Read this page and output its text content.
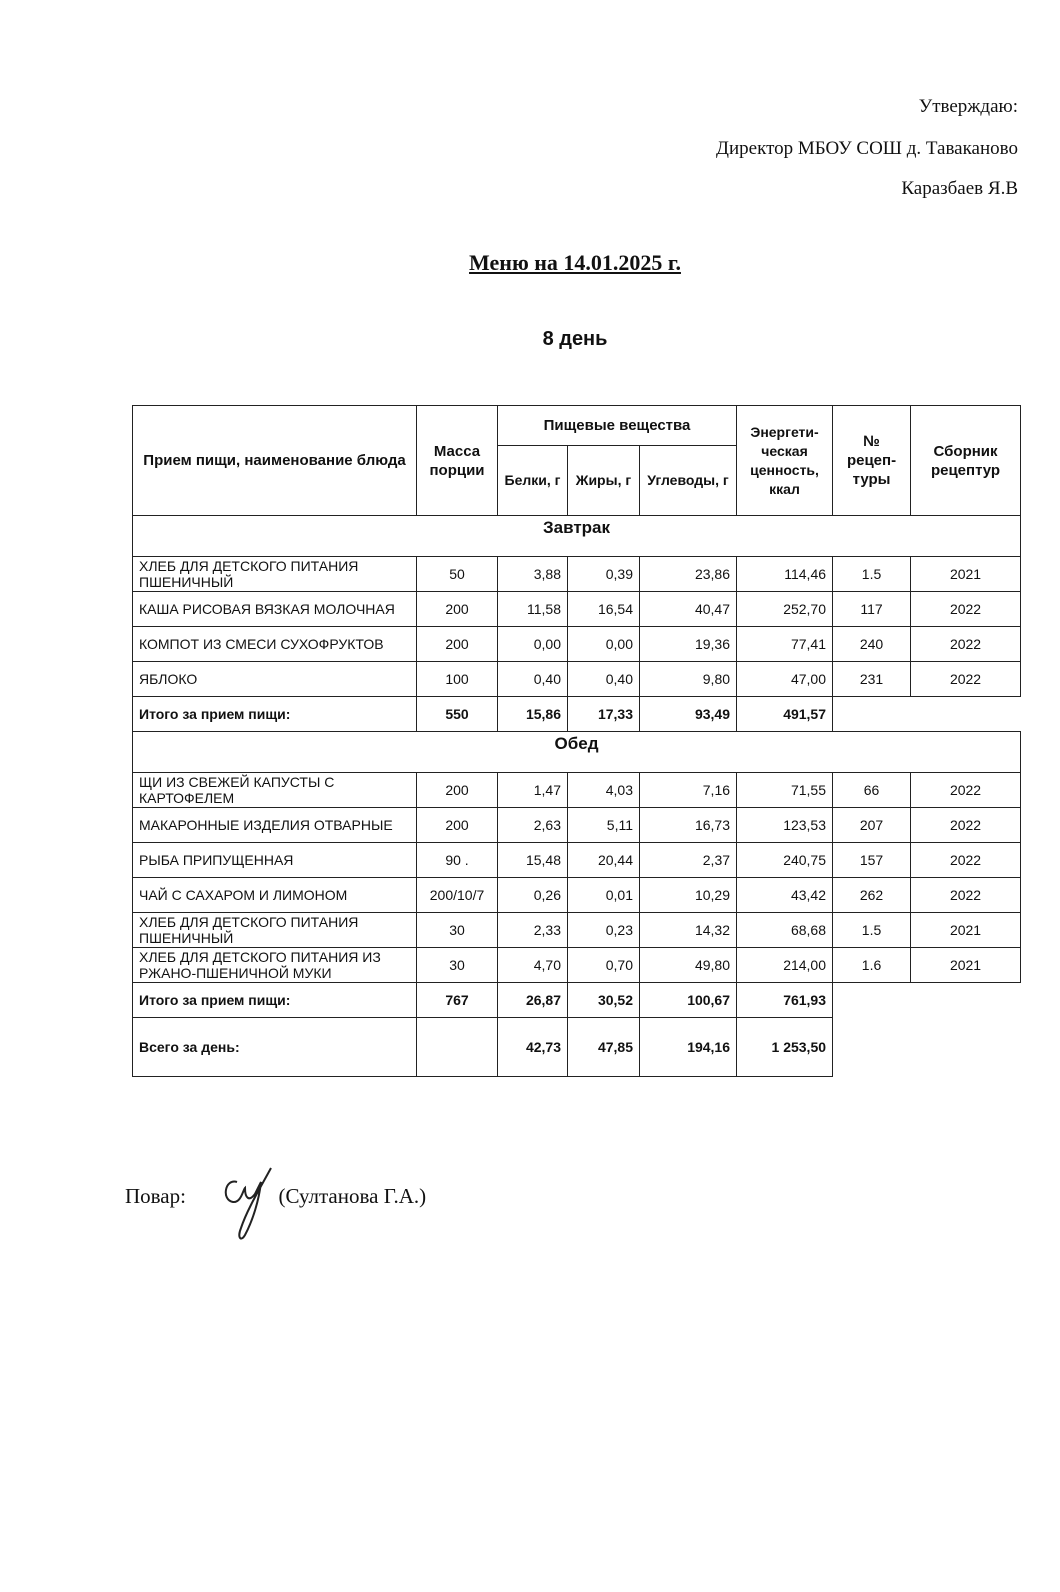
Утверждаю:
Директор МБОУ СОШ д. Таваканово
Каразбаев Я.В
Меню на 14.01.2025 г.
8 день
Прием пищи, наименование блюда	Масса порции	Пищевые вещества			Энергети-ческая ценность, ккал	№ рецеп-туры	Сборник рецептур
		Белки, г	Жиры, г	Углеводы, г			
Завтрак							
ХЛЕБ ДЛЯ ДЕТСКОГО ПИТАНИЯ ПШЕНИЧНЫЙ	50	3,88	0,39	23,86	114,46	1.5	2021
КАША РИСОВАЯ ВЯЗКАЯ МОЛОЧНАЯ	200	11,58	16,54	40,47	252,70	117	2022
КОМПОТ ИЗ СМЕСИ СУХОФРУКТОВ	200	0,00	0,00	19,36	77,41	240	2022
ЯБЛОКО	100	0,40	0,40	9,80	47,00	231	2022
Итого за прием пищи:	550	15,86	17,33	93,49	491,57		
Обед							
ЩИ ИЗ СВЕЖЕЙ КАПУСТЫ С КАРТОФЕЛЕМ	200	1,47	4,03	7,16	71,55	66	2022
МАКАРОННЫЕ ИЗДЕЛИЯ ОТВАРНЫЕ	200	2,63	5,11	16,73	123,53	207	2022
РЫБА ПРИПУЩЕННАЯ	90 .	15,48	20,44	2,37	240,75	157	2022
ЧАЙ С САХАРОМ И ЛИМОНОМ	200/10/7	0,26	0,01	10,29	43,42	262	2022
ХЛЕБ ДЛЯ ДЕТСКОГО ПИТАНИЯ ПШЕНИЧНЫЙ	30	2,33	0,23	14,32	68,68	1.5	2021
ХЛЕБ ДЛЯ ДЕТСКОГО ПИТАНИЯ ИЗ РЖАНО-ПШЕНИЧНОЙ МУКИ	30	4,70	0,70	49,80	214,00	1.6	2021
Итого за прием пищи:	767	26,87	30,52	100,67	761,93		
Всего за день:		42,73	47,85	194,16	1 253,50		
Повар:	(Султанова Г.А.)
